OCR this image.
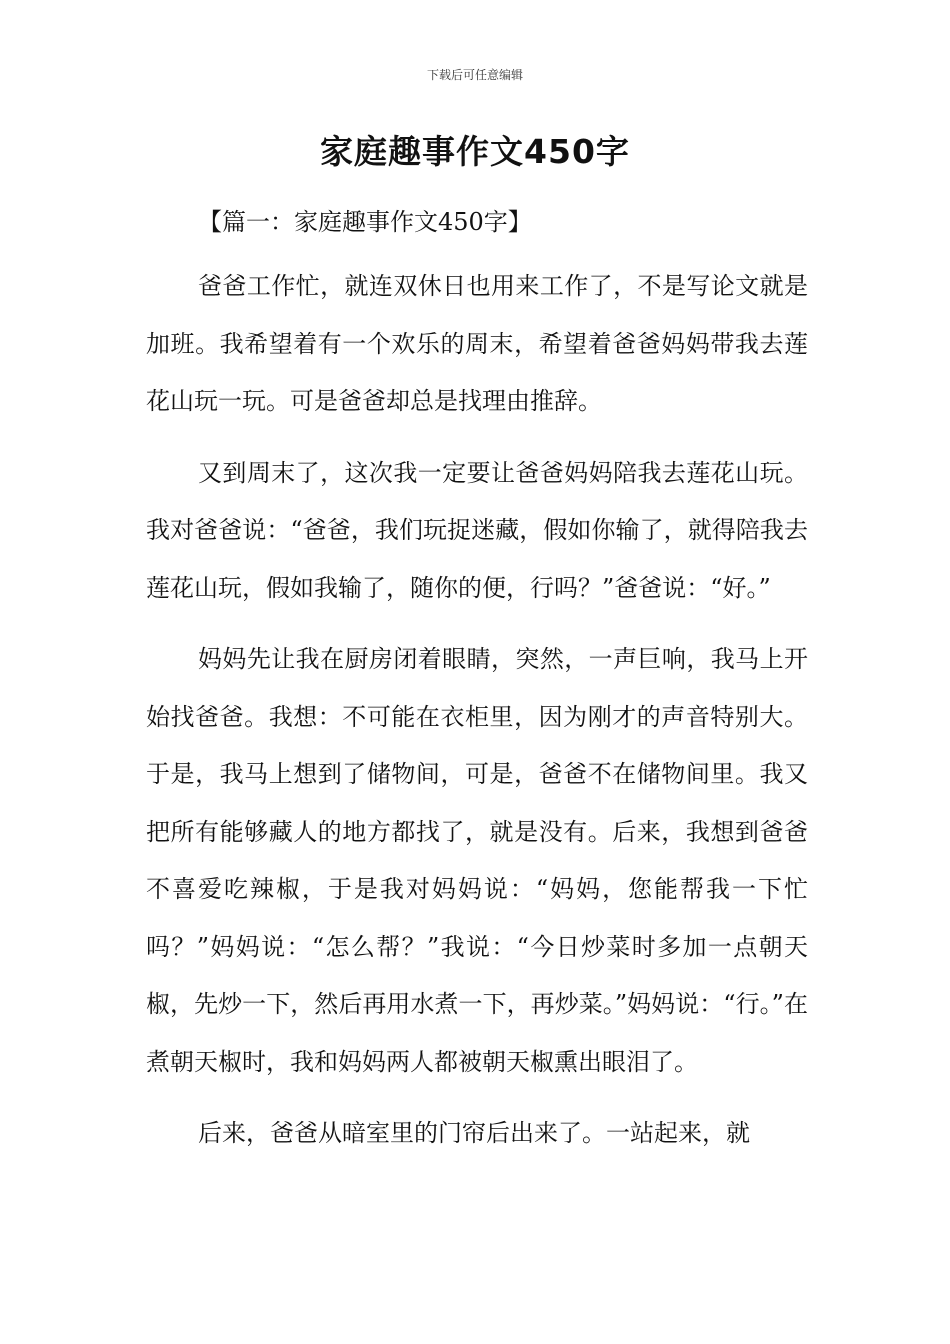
下载后可任意编辑
家庭趣事作文450字
【篇一：家庭趣事作文450字】

爸爸工作忙，就连双休日也用来工作了，不是写论文就是加班。我希望着有一个欢乐的周末，希望着爸爸妈妈带我去莲花山玩一玩。可是爸爸却总是找理由推辞。

又到周末了，这次我一定要让爸爸妈妈陪我去莲花山玩。我对爸爸说：“爸爸，我们玩捉迷藏，假如你输了，就得陪我去莲花山玩，假如我输了，随你的便，行吗？”爸爸说：“好。”

妈妈先让我在厨房闭着眼睛，突然，一声巨响，我马上开始找爸爸。我想：不可能在衣柜里，因为刚才的声音特别大。于是，我马上想到了储物间，可是，爸爸不在储物间里。我又把所有能够藏人的地方都找了，就是没有。后来，我想到爸爸不喜爱吃辣椒，于是我对妈妈说：“妈妈，您能帮我一下忙吗？”妈妈说：“怎么帮？”我说：“今日炒菜时多加一点朝天椒，先炒一下，然后再用水煮一下，再炒菜。”妈妈说：“行。”在煮朝天椒时，我和妈妈两人都被朝天椒熏出眼泪了。

后来，爸爸从暗室里的门帘后出来了。一站起来，就
